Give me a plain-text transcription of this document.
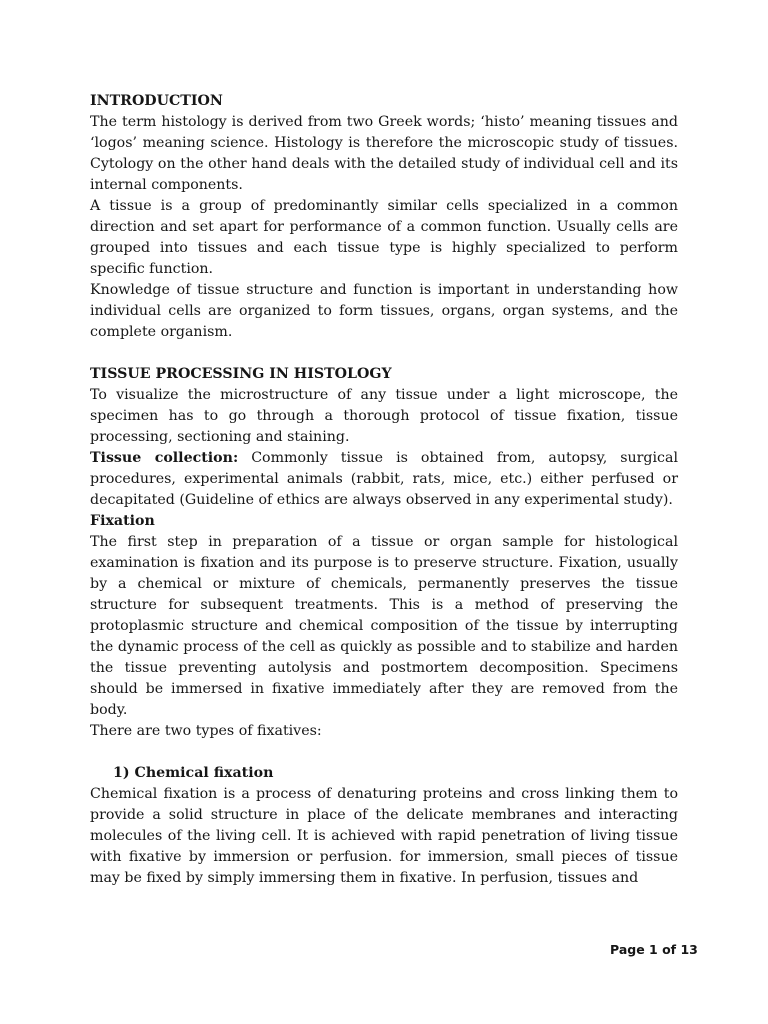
INTRODUCTION

The term histology is derived from two Greek words; ‘histo’ meaning tissues and ‘logos’ meaning science. Histology is therefore the microscopic study of tissues. Cytology on the other hand deals with the detailed study of individual cell and its internal components.

A tissue is a group of predominantly similar cells specialized in a common direction and set apart for performance of a common function. Usually cells are grouped into tissues and each tissue type is highly specialized to perform specific function.

Knowledge of tissue structure and function is important in understanding how individual cells are organized to form tissues, organs, organ systems, and the complete organism.

TISSUE PROCESSING IN HISTOLOGY

To visualize the microstructure of any tissue under a light microscope, the specimen has to go through a thorough protocol of tissue fixation, tissue processing, sectioning and staining.

Tissue collection: Commonly tissue is obtained from, autopsy, surgical procedures, experimental animals (rabbit, rats, mice, etc.) either perfused or decapitated (Guideline of ethics are always observed in any experimental study).

Fixation

The first step in preparation of a tissue or organ sample for histological examination is fixation and its purpose is to preserve structure. Fixation, usually by a chemical or mixture of chemicals, permanently preserves the tissue structure for subsequent treatments. This is a method of preserving the protoplasmic structure and chemical composition of the tissue by interrupting the dynamic process of the cell as quickly as possible and to stabilize and harden the tissue preventing autolysis and postmortem decomposition. Specimens should be immersed in fixative immediately after they are removed from the body.

There are two types of fixatives:

1) Chemical fixation

Chemical fixation is a process of denaturing proteins and cross linking them to provide a solid structure in place of the delicate membranes and interacting molecules of the living cell. It is achieved with rapid penetration of living tissue with fixative by immersion or perfusion. for immersion, small pieces of tissue may be fixed by simply immersing them in fixative. In perfusion, tissues and

Page 1 of 13
